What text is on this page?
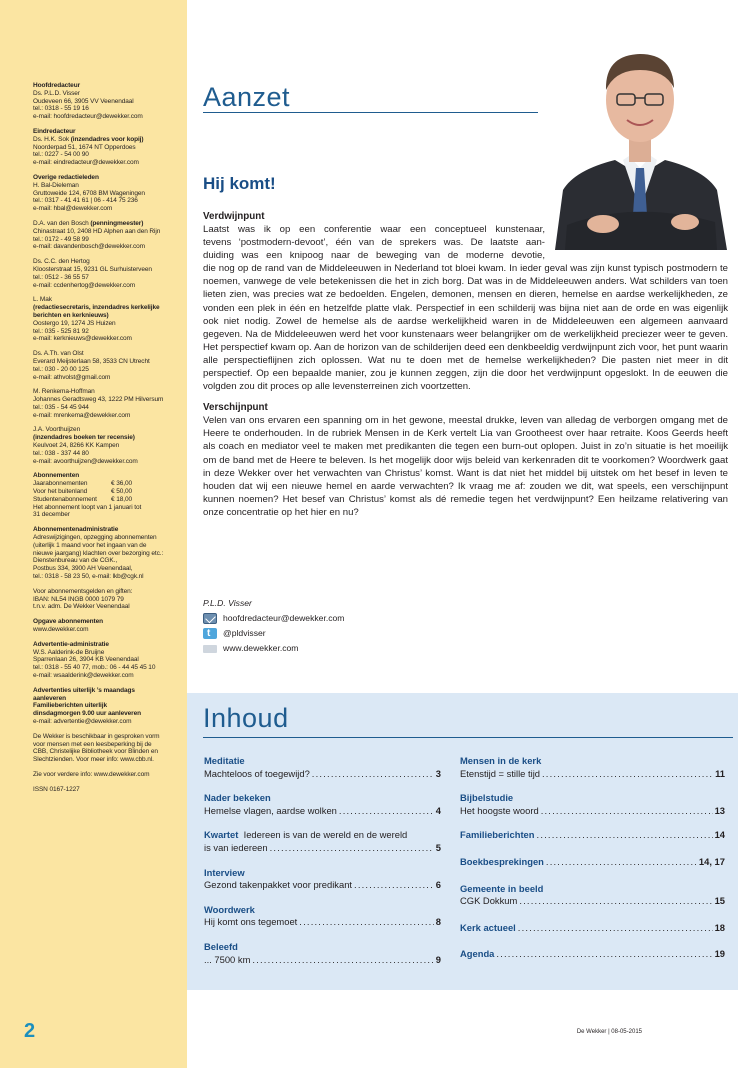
Hoofdredacteur
Ds. P.L.D. Visser
Oudeveen 66, 3905 VV Veenendaal
tel.: 0318 - 55 19 16
e-mail: hoofdredacteur@dewekker.com
Eindredacteur
Ds. H.K. Sok (inzendadres voor kopij)
Noorderpad 51, 1674 NT Opperdoes
tel.: 0227 - 54 00 90
e-mail: eindredacteur@dewekker.com
Overige redactieleden
H. Bal-Dieleman
Gruttoweide 124, 6708 BM Wageningen
tel.: 0317 - 41 41 61 | 06 - 414 75 236
e-mail: hbal@dewekker.com
D.A. van den Bosch (penningmeester)
Chinastraat 10, 2408 HD Alphen aan den Rijn
tel.: 0172 - 49 58 99
e-mail: davandenbosch@dewekker.com
Ds. C.C. den Hertog
Kloosterstraat 15, 9231 GL Surhuisterveen
tel.: 0512 - 36 55 57
e-mail: ccdenhertog@dewekker.com
L. Mak
(redactiesecretaris, inzendadres kerkelijke
berichten en kerknieuws)
Oostergo 19, 1274 JS Huizen
tel.: 035 - 525 81 92
e-mail: kerknieuws@dewekker.com
Ds. A.Th. van Olst
Everard Meijsterlaan 58, 3533 CN Utrecht
tel.: 030 - 20 00 125
e-mail: athvolst@gmail.com
M. Renkema-Hoffman
Johannes Geradtsweg 43, 1222 PM Hilversum
tel.: 035 - 54 45 944
e-mail: mrenkema@dewekker.com
J.A. Voorthuijzen
(inzendadres boeken ter recensie)
Keulvoet 24, 8266 KK Kampen
tel.: 038 - 337 44 80
e-mail: avoorthuijzen@dewekker.com
Abonnementen
Jaarabonnementen	€ 36,00
Voor het buitenland	€ 50,00
Studentenabonnement	€ 18,00
Het abonnement loopt van 1 januari tot
31 december
Abonnementenadministratie
Adreswijzigingen, opzegging abonnementen
(uiterlijk 1 maand voor het ingaan van de
nieuwe jaargang) klachten over bezorging etc.:
Dienstenbureau van de CGK.,
Postbus 334, 3900 AH Veenendaal,
tel.: 0318 - 58 23 50, e-mail: lkb@cgk.nl
Voor abonnementsgelden en giften:
IBAN: NL54 INGB 0000 1079 79
t.n.v. adm. De Wekker Veenendaal
Opgave abonnementen
www.dewekker.com
Advertentie-administratie
W.S. Aalderink-de Bruijne
Sparrenlaan 26, 3904 KB Veenendaal
tel.: 0318 - 55 40 77, mob.: 06 - 44 45 45 10
e-mail: wsaalderink@dewekker.com
Advertenties uiterlijk ’s maandags
aanleveren
Familieberichten uiterlijk
dinsdagmorgen 9.00 uur aanleveren
e-mail: advertentie@dewekker.com
De Wekker is beschikbaar in gesproken vorm
voor mensen met een leesbeperking bij de
CBB, Christelijke Bibliotheek voor Blinden en
Slechtzienden. Voor meer info: www.cbb.nl.
Zie voor verdere info: www.dewekker.com
ISSN 0167-1227
2
Aanzet
Hij komt!
Verdwijnpunt
Laatst was ik op een conferentie waar een conceptueel kunstenaar,
tevens ‘postmodern-devoot’, één van de sprekers was. De laatste aan-
duiding was een knipoog naar de beweging van de moderne devotie,

die nog op de rand van de Middeleeuwen in Nederland tot bloei kwam. In ieder geval was zijn kunst typisch postmodern te noemen, vanwege de vele betekenissen die het in zich borg. Dat was in de Middeleeuwen anders. Wat schilders van toen lieten zien, was precies wat ze bedoelden. Engelen, demonen, mensen en dieren, hemelse en aardse werkelijkheden, ze vonden een plek in één en hetzelfde platte vlak. Perspectief in een schilderij was bijna niet aan de orde en was eigenlijk ook niet nodig. Zowel de hemelse als de aardse werkelijkheid waren in de Middeleeuwen een algemeen aanvaard gegeven. Na de Middeleeuwen werd het voor kunstenaars weer belangrijker om de werkelijkheid preciezer weer te geven. Het perspectief kwam op. Aan de horizon van de schilderijen deed een denkbeeldig verdwijnpunt zich voor, het punt waarin alle perspectieflijnen zich oplossen. Wat nu te doen met de hemelse werkelijkheden? Die pasten niet meer in dit perspectief. Op een bepaalde manier, zou je kunnen zeggen, zijn die door het verdwijnpunt opgeslokt. In de eeuwen die volgden zou dit proces op alle levensterreinen zich voortzetten.

Verschijnpunt

Velen van ons ervaren een spanning om in het gewone, meestal drukke, leven van alledag de verborgen omgang met de Heere te onderhouden. In de rubriek Mensen in de Kerk vertelt Lia van Grootheest over haar retraite. Koos Geerds heeft als coach en mediator veel te maken met predikanten die tegen een burn-out oplopen. Juist in zo’n situatie is het moeilijk om de band met de Heere te beleven. Is het mogelijk door wijs beleid van kerkenraden dit te voorkomen? Woordwerk gaat in deze Wekker over het verwachten van Christus’ komst. Want is dat niet het middel bij uitstek om het besef in leven te houden dat wij een nieuwe hemel en aarde verwachten? Ik vraag me af: zouden we dit, wat speels, een verschijnpunt kunnen noemen? Het besef van Christus’ komst als dé remedie tegen het verdwijnpunt? Een heilzame relativering van onze concentratie op het hier en nu?

P.L.D. Visser
hoofdredacteur@dewekker.com
t
@pldvisser
www.dewekker.com
Inhoud
Meditatie
Machteloos of toegewijd? .....	3
Nader bekeken
Hemelse vlagen, aardse wolken .....	4
Kwartet Iedereen is van de wereld en de wereld
is van iedereen .....	5
Interview
Gezond takenpakket voor predikant .....	6
Woordwerk
Hij komt ons tegemoet .....	8
Beleefd
... 7500 km .....	9
Mensen in de kerk
Etenstijd = stille tijd .....	11
Bijbelstudie
Het hoogste woord .....	13
Familieberichten .....	14
Boekbesprekingen .....	14, 17
Gemeente in beeld
CGK Dokkum .....	15
Kerk actueel .....	18
Agenda .....	19
De Wekker | 08-05-2015
